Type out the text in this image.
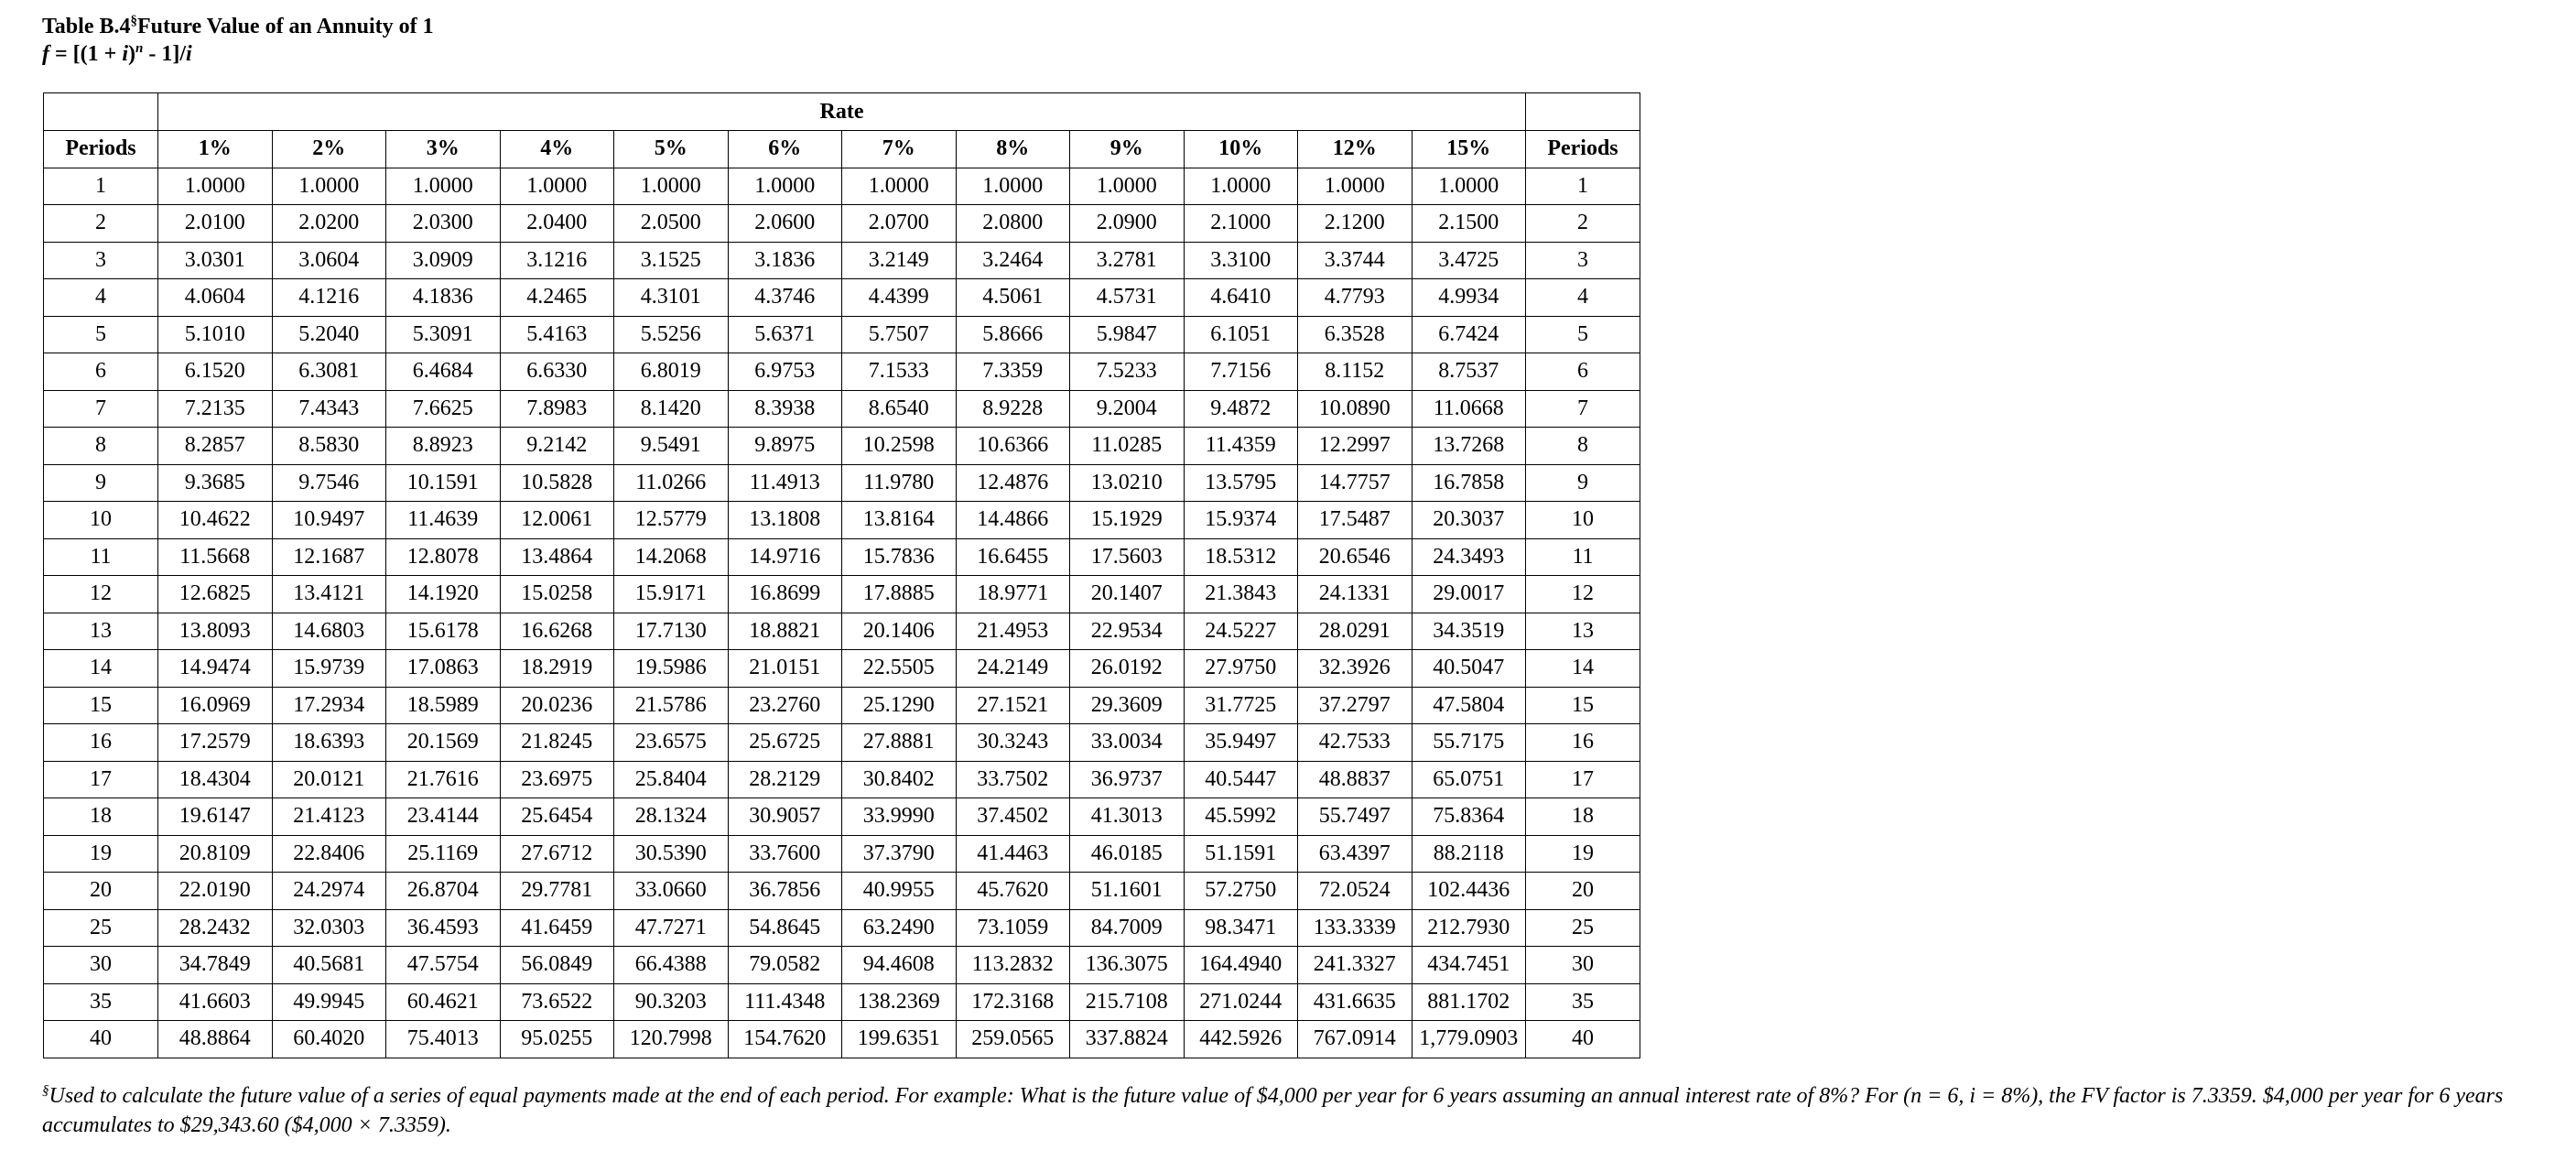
Table B.4§Future Value of an Annuity of 1
$f = [(1 + i)^n - 1]/i$
	Rate												
Periods	1%	2%	3%	4%	5%	6%	7%	8%	9%	10%	12%	15%	Periods
1	1.0000	1.0000	1.0000	1.0000	1.0000	1.0000	1.0000	1.0000	1.0000	1.0000	1.0000	1.0000	1
2	2.0100	2.0200	2.0300	2.0400	2.0500	2.0600	2.0700	2.0800	2.0900	2.1000	2.1200	2.1500	2
3	3.0301	3.0604	3.0909	3.1216	3.1525	3.1836	3.2149	3.2464	3.2781	3.3100	3.3744	3.4725	3
4	4.0604	4.1216	4.1836	4.2465	4.3101	4.3746	4.4399	4.5061	4.5731	4.6410	4.7793	4.9934	4
5	5.1010	5.2040	5.3091	5.4163	5.5256	5.6371	5.7507	5.8666	5.9847	6.1051	6.3528	6.7424	5
6	6.1520	6.3081	6.4684	6.6330	6.8019	6.9753	7.1533	7.3359	7.5233	7.7156	8.1152	8.7537	6
7	7.2135	7.4343	7.6625	7.8983	8.1420	8.3938	8.6540	8.9228	9.2004	9.4872	10.0890	11.0668	7
8	8.2857	8.5830	8.8923	9.2142	9.5491	9.8975	10.2598	10.6366	11.0285	11.4359	12.2997	13.7268	8
9	9.3685	9.7546	10.1591	10.5828	11.0266	11.4913	11.9780	12.4876	13.0210	13.5795	14.7757	16.7858	9
10	10.4622	10.9497	11.4639	12.0061	12.5779	13.1808	13.8164	14.4866	15.1929	15.9374	17.5487	20.3037	10
11	11.5668	12.1687	12.8078	13.4864	14.2068	14.9716	15.7836	16.6455	17.5603	18.5312	20.6546	24.3493	11
12	12.6825	13.4121	14.1920	15.0258	15.9171	16.8699	17.8885	18.9771	20.1407	21.3843	24.1331	29.0017	12
13	13.8093	14.6803	15.6178	16.6268	17.7130	18.8821	20.1406	21.4953	22.9534	24.5227	28.0291	34.3519	13
14	14.9474	15.9739	17.0863	18.2919	19.5986	21.0151	22.5505	24.2149	26.0192	27.9750	32.3926	40.5047	14
15	16.0969	17.2934	18.5989	20.0236	21.5786	23.2760	25.1290	27.1521	29.3609	31.7725	37.2797	47.5804	15
16	17.2579	18.6393	20.1569	21.8245	23.6575	25.6725	27.8881	30.3243	33.0034	35.9497	42.7533	55.7175	16
17	18.4304	20.0121	21.7616	23.6975	25.8404	28.2129	30.8402	33.7502	36.9737	40.5447	48.8837	65.0751	17
18	19.6147	21.4123	23.4144	25.6454	28.1324	30.9057	33.9990	37.4502	41.3013	45.5992	55.7497	75.8364	18
19	20.8109	22.8406	25.1169	27.6712	30.5390	33.7600	37.3790	41.4463	46.0185	51.1591	63.4397	88.2118	19
20	22.0190	24.2974	26.8704	29.7781	33.0660	36.7856	40.9955	45.7620	51.1601	57.2750	72.0524	102.4436	20
25	28.2432	32.0303	36.4593	41.6459	47.7271	54.8645	63.2490	73.1059	84.7009	98.3471	133.3339	212.7930	25
30	34.7849	40.5681	47.5754	56.0849	66.4388	79.0582	94.4608	113.2832	136.3075	164.4940	241.3327	434.7451	30
35	41.6603	49.9945	60.4621	73.6522	90.3203	111.4348	138.2369	172.3168	215.7108	271.0244	431.6635	881.1702	35
40	48.8864	60.4020	75.4013	95.0255	120.7998	154.7620	199.6351	259.0565	337.8824	442.5926	767.0914	1,779.0903	40
§Used to calculate the future value of a series of equal payments made at the end of each period. For example: What is the future value of $4,000 per year for 6 years assuming an annual interest rate of 8%? For (n = 6, i = 8%), the FV factor is 7.3359. $4,000 per year for 6 years accumulates to $29,343.60 ($4,000 × 7.3359).
